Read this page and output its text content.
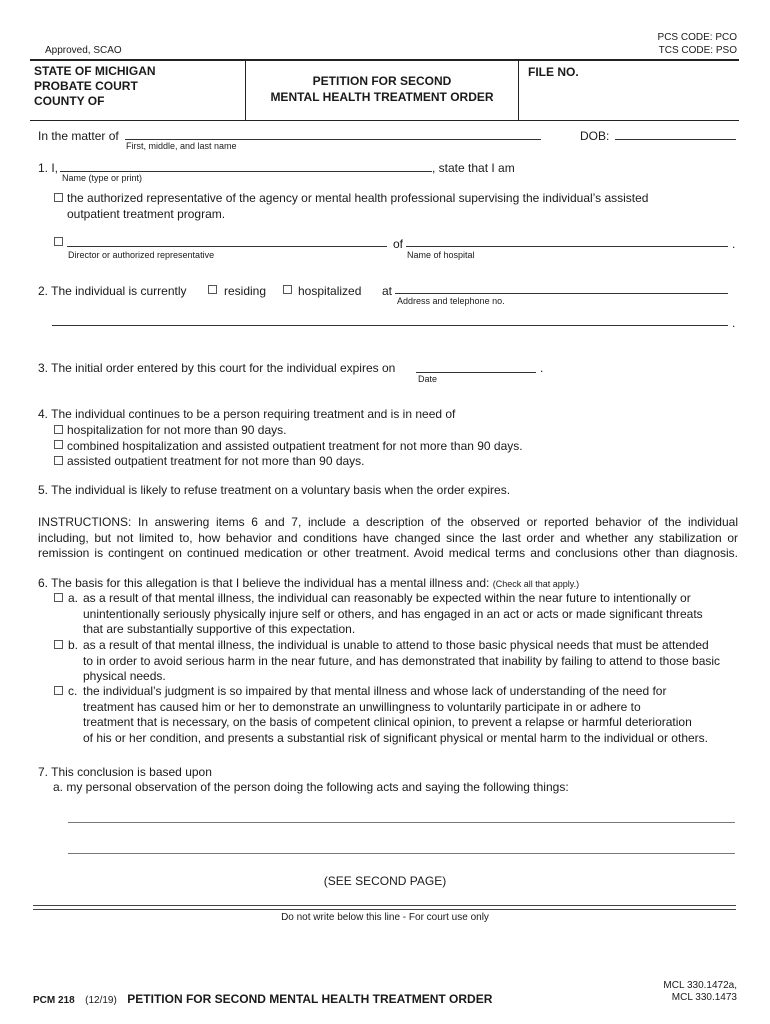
Approved, SCAO
PCS CODE: PCO
TCS CODE: PSO
STATE OF MICHIGAN
PROBATE COURT
COUNTY OF
PETITION FOR SECOND
MENTAL HEALTH TREATMENT ORDER
FILE NO.
In the matter of
First, middle, and last name
DOB:
1. I,	, state that I am
Name (type or print)
the authorized representative of the agency or mental health professional supervising the individual’s assisted
outpatient treatment program.
Director or authorized representative
of	.
Name of hospital
2. The individual is currently	residing	hospitalized at
Address and telephone no.
.
3. The initial order entered by this court for the individual expires on	.
Date
4. The individual continues to be a person requiring treatment and is in need of
hospitalization for not more than 90 days.
combined hospitalization and assisted outpatient treatment for not more than 90 days.
assisted outpatient treatment for not more than 90 days.
5. The individual is likely to refuse treatment on a voluntary basis when the order expires.
INSTRUCTIONS: In answering items 6 and 7, include a description of the observed or reported behavior of the individual
including, but not limited to, how behavior and conditions have changed since the last order and whether any stabilization or
remission is contingent on continued medication or other treatment. Avoid medical terms and conclusions other than diagnosis.
6. The basis for this allegation is that I believe the individual has a mental illness and: (Check all that apply.)
a. as a result of that mental illness, the individual can reasonably be expected within the near future to intentionally or
unintentionally seriously physically injure self or others, and has engaged in an act or acts or made significant threats
that are substantially supportive of this expectation.
b. as a result of that mental illness, the individual is unable to attend to those basic physical needs that must be attended
to in order to avoid serious harm in the near future, and has demonstrated that inability by failing to attend to those basic
physical needs.
c. the individual’s judgment is so impaired by that mental illness and whose lack of understanding of the need for
treatment has caused him or her to demonstrate an unwillingness to voluntarily participate in or adhere to
treatment that is necessary, on the basis of competent clinical opinion, to prevent a relapse or harmful deterioration
of his or her condition, and presents a substantial risk of significant physical or mental harm to the individual or others.
7. This conclusion is based upon
a. my personal observation of the person doing the following acts and saying the following things:
(SEE SECOND PAGE)
Do not write below this line - For court use only
PCM 218 (12/19) PETITION FOR SECOND MENTAL HEALTH TREATMENT ORDER
MCL 330.1472a,
MCL 330.1473
